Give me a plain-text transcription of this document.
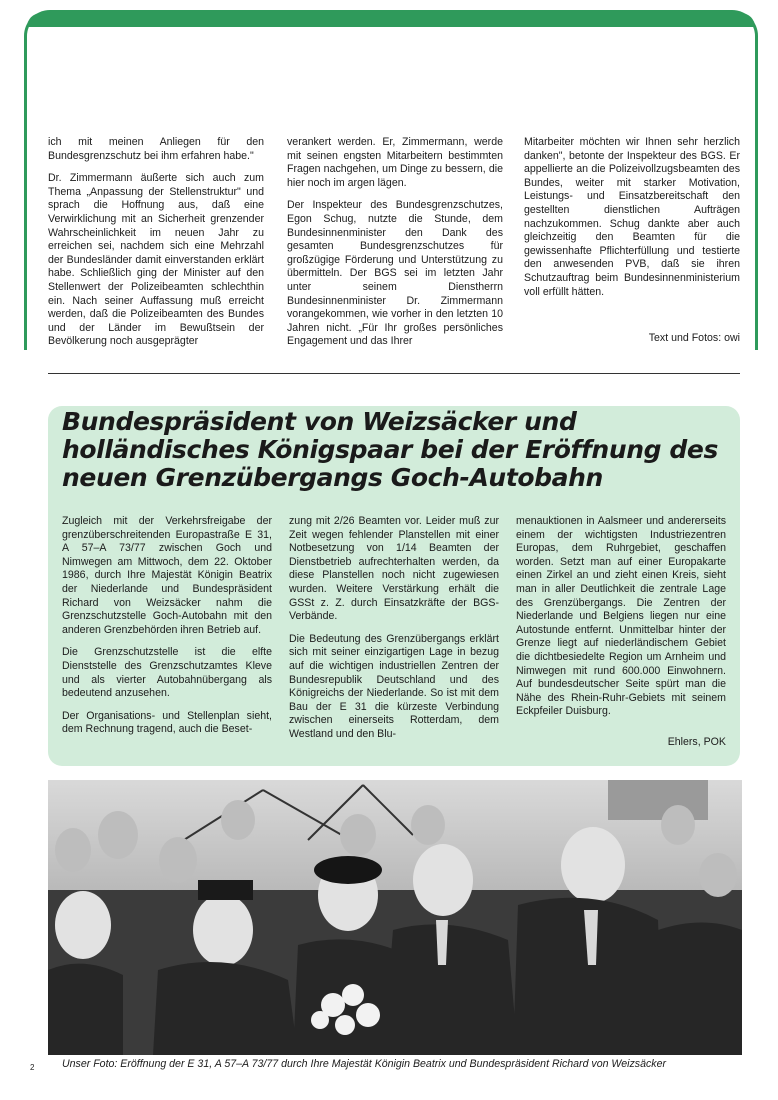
ich mit meinen Anliegen für den Bundesgrenzschutz bei ihm erfahren habe."

Dr. Zimmermann äußerte sich auch zum Thema „Anpassung der Stellenstruktur" und sprach die Hoffnung aus, daß eine Verwirklichung mit an Sicherheit grenzender Wahrscheinlichkeit im neuen Jahr zu erreichen sei, nachdem sich eine Mehrzahl der Bundesländer damit einverstanden erklärt habe. Schließlich ging der Minister auf den Stellenwert der Polizeibeamten schlechthin ein. Nach seiner Auffassung muß erreicht werden, daß die Polizeibeamten des Bundes und der Länder im Bewußtsein der Bevölkerung noch ausgeprägter

verankert werden. Er, Zimmermann, werde mit seinen engsten Mitarbeitern bestimmten Fragen nachgehen, um Dinge zu bessern, die hier noch im argen lägen.

Der Inspekteur des Bundesgrenzschutzes, Egon Schug, nutzte die Stunde, dem Bundesinnenminister den Dank des gesamten Bundesgrenzschutzes für großzügige Förderung und Unterstützung zu übermitteln. Der BGS sei im letzten Jahr unter seinem Dienstherrn Bundesinnenminister Dr. Zimmermann vorangekommen, wie vorher in den letzten 10 Jahren nicht. „Für Ihr großes persönliches Engagement und das Ihrer

Mitarbeiter möchten wir Ihnen sehr herzlich danken", betonte der Inspekteur des BGS. Er appellierte an die Polizeivollzugsbeamten des Bundes, weiter mit starker Motivation, Leistungs- und Einsatzbereitschaft den gestellten dienstlichen Aufträgen nachzukommen. Schug dankte aber auch gleichzeitig den Beamten für die gewissenhafte Pflichterfüllung und testierte den anwesenden PVB, daß sie ihren Schutzauftrag beim Bundesinnenministerium voll erfüllt hätten.

Text und Fotos: owi
Bundespräsident von Weizsäcker und holländisches Königspaar bei der Eröffnung des neuen Grenzübergangs Goch-Autobahn

Zugleich mit der Verkehrsfreigabe der grenzüberschreitenden Europastraße E 31, A 57–A 73/77 zwischen Goch und Nimwegen am Mittwoch, dem 22. Oktober 1986, durch Ihre Majestät Königin Beatrix der Niederlande und Bundespräsident Richard von Weizsäcker nahm die Grenzschutzstelle Goch-Autobahn mit den anderen Grenzbehörden ihren Betrieb auf.

Die Grenzschutzstelle ist die elfte Dienststelle des Grenzschutzamtes Kleve und als vierter Autobahnübergang als bedeutend anzusehen.

Der Organisations- und Stellenplan sieht, dem Rechnung tragend, auch die Beset-

zung mit 2/26 Beamten vor. Leider muß zur Zeit wegen fehlender Planstellen mit einer Notbesetzung von 1/14 Beamten der Dienstbetrieb aufrechterhalten werden, da diese Planstellen noch nicht zugewiesen wurden. Weitere Verstärkung erhält die GSSt z. Z. durch Einsatzkräfte der BGS-Verbände.

Die Bedeutung des Grenzübergangs erklärt sich mit seiner einzigartigen Lage in bezug auf die wichtigen industriellen Zentren der Bundesrepublik Deutschland und des Königreichs der Niederlande. So ist mit dem Bau der E 31 die kürzeste Verbindung zwischen einerseits Rotterdam, dem Westland und den Blu-

menauktionen in Aalsmeer und andererseits einem der wichtigsten Industriezentren Europas, dem Ruhrgebiet, geschaffen worden. Setzt man auf einer Europakarte einen Zirkel an und zieht einen Kreis, sieht man in aller Deutlichkeit die zentrale Lage des Grenzübergangs. Die Zentren der Niederlande und Belgiens liegen nur eine Autostunde entfernt. Unmittelbar hinter der Grenze liegt auf niederländischem Gebiet die dichtbesiedelte Region um Arnheim und Nimwegen mit rund 600.000 Einwohnern. Auf bundesdeutscher Seite spürt man die Nähe des Rhein-Ruhr-Gebiets mit seinem Eckpfeiler Duisburg.

Ehlers, POK
2	Unser Foto: Eröffnung der E 31, A 57–A 73/77 durch Ihre Majestät Königin Beatrix und Bundespräsident Richard von Weizsäcker
